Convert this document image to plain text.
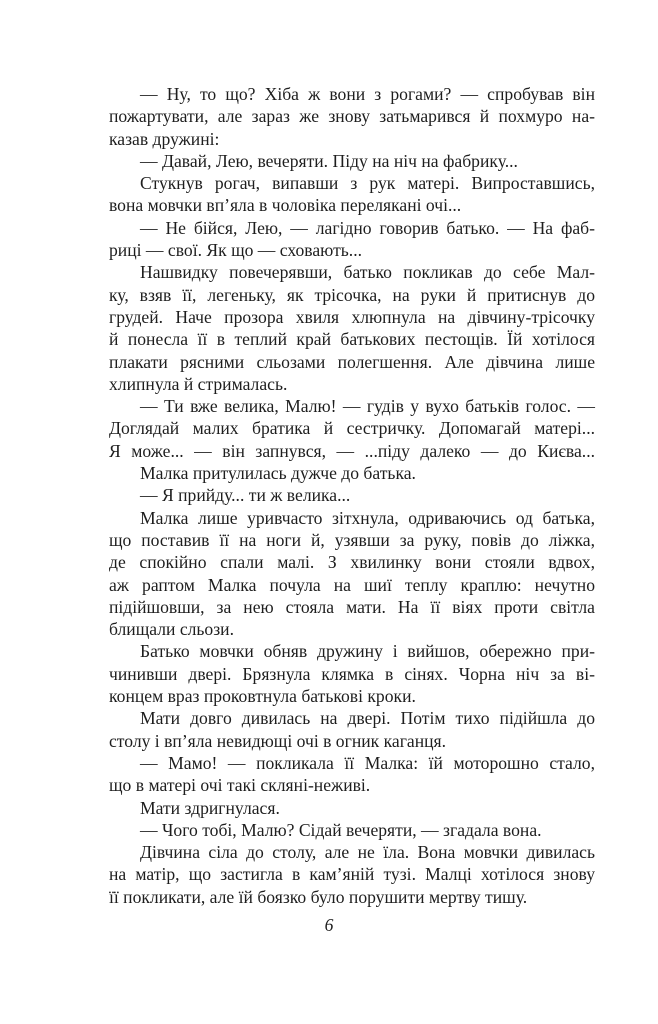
— Ну, то що? Хіба ж вони з рогами? — спробував він
пожартувати, але зараз же знову затьмарився й похмуро на-
казав дружині:
— Давай, Лею, вечеряти. Піду на ніч на фабрику...
Стукнув рогач, випавши з рук матері. Випроставшись,
вона мовчки вп’яла в чоловіка перелякані очі...
— Не бійся, Лею, — лагідно говорив батько. — На фаб-
риці — свої. Як що — сховають...
Нашвидку повечерявши, батько покликав до себе Мал-
ку, взяв її, легеньку, як трісочка, на руки й притиснув до
грудей. Наче прозора хвиля хлюпнула на дівчину-трісочку
й понесла її в теплий край батькових пестощів. Їй хотілося
плакати рясними сльозами полегшення. Але дівчина лише
хлипнула й стрималась.
— Ти вже велика, Малю! — гудів у вухо батьків голос. —
Доглядай малих братика й сестричку. Допомагай матері...
Я може... — він запнувся, — ...піду далеко — до Києва...
Малка притулилась дужче до батька.
— Я прийду... ти ж велика...
Малка лише уривчасто зітхнула, одриваючись од батька,
що поставив її на ноги й, узявши за руку, повів до ліжка,
де спокійно спали малі. З хвилинку вони стояли вдвох,
аж раптом Малка почула на шиї теплу краплю: нечутно
підійшовши, за нею стояла мати. На її віях проти світла
блищали сльози.
Батько мовчки обняв дружину і вийшов, обережно при-
чинивши двері. Брязнула клямка в сінях. Чорна ніч за ві-
концем враз проковтнула батькові кроки.
Мати довго дивилась на двері. Потім тихо підійшла до
столу і вп’яла невидющі очі в огник каганця.
— Мамо! — покликала її Малка: їй моторошно стало,
що в матері очі такі скляні-неживі.
Мати здригнулася.
— Чого тобі, Малю? Сідай вечеряти, — згадала вона.
Дівчина сіла до столу, але не їла. Вона мовчки дивилась
на матір, що застигла в кам’яній тузі. Малці хотілося знову
її покликати, але їй боязко було порушити мертву тишу.
6
